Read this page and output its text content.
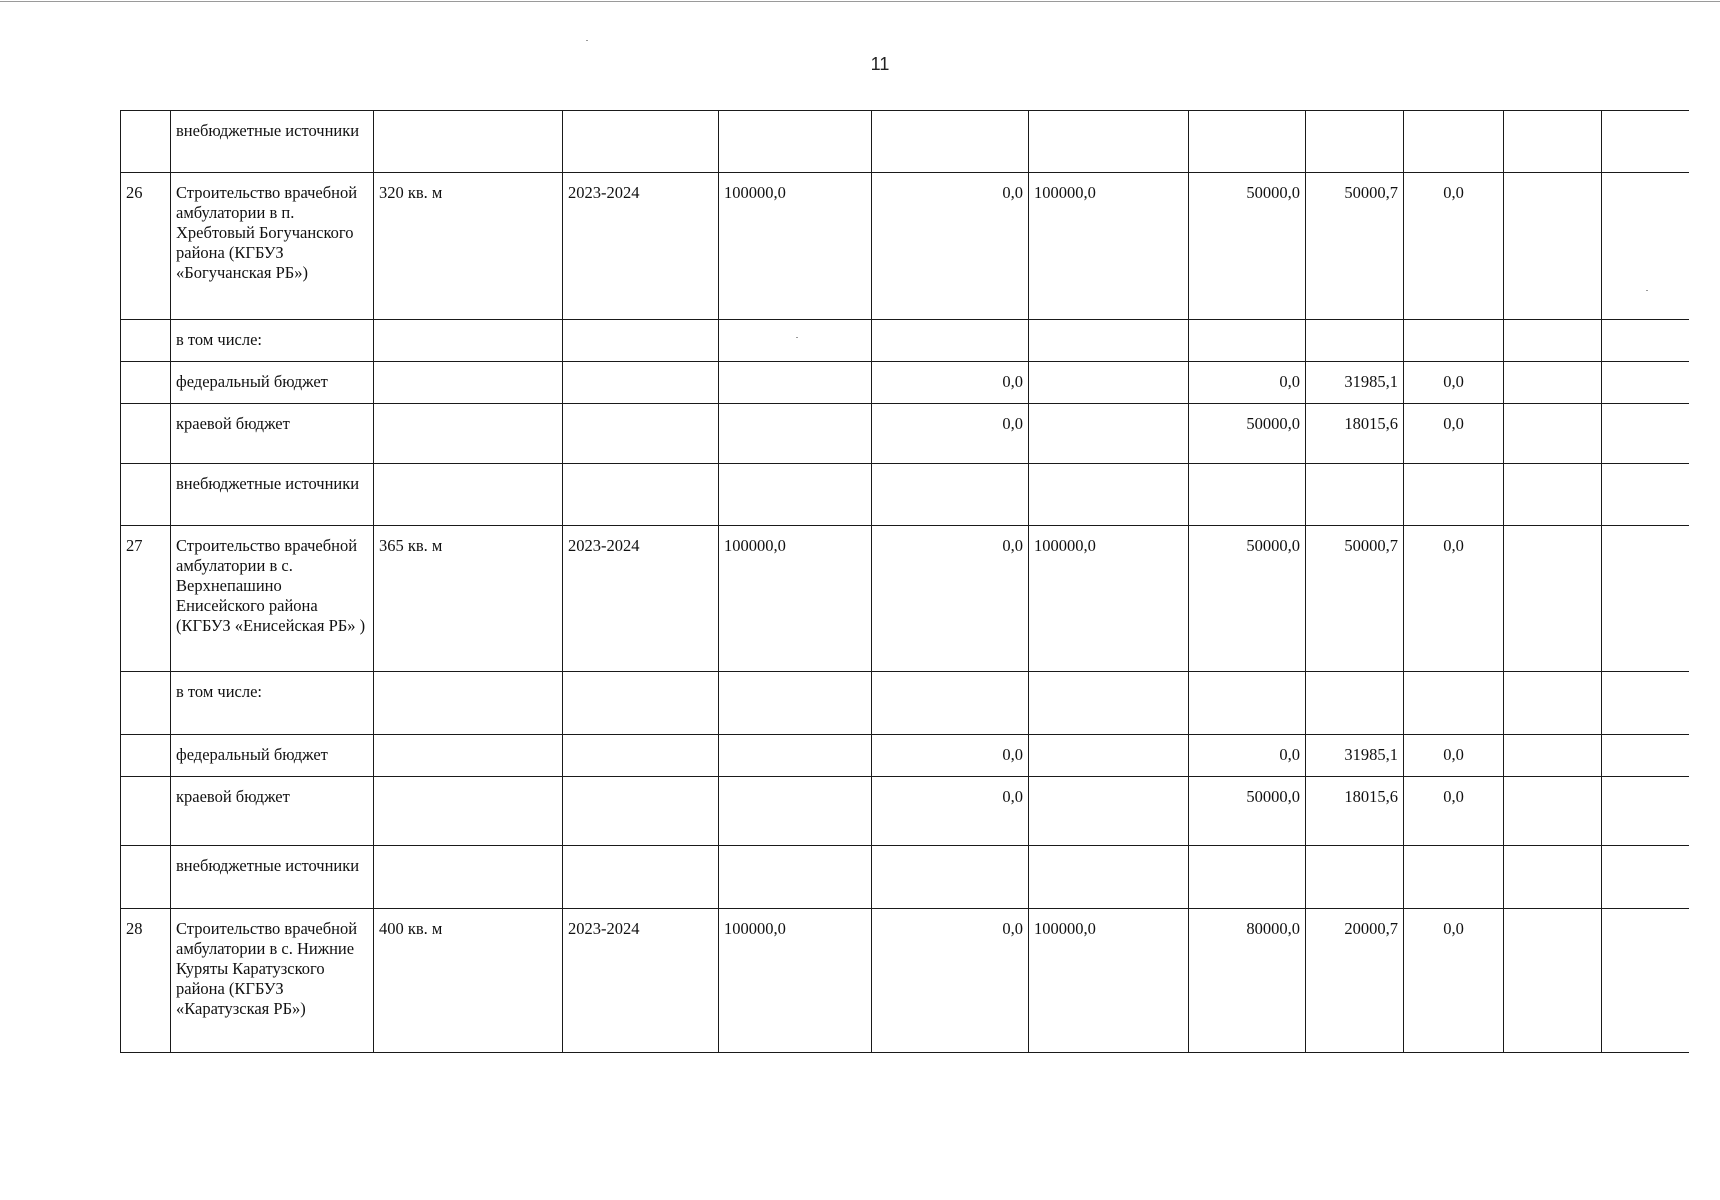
11
	внебюджетные источники										
26	Строительство врачебной амбулатории в п. Хребтовый Богучанского района (КГБУЗ «Богучанская РБ»)	320 кв. м	2023-2024	100000,0	0,0	100000,0	50000,0	50000,7	0,0		
	в том числе:										
	федеральный бюджет				0,0		0,0	31985,1	0,0		
	краевой бюджет				0,0		50000,0	18015,6	0,0		
	внебюджетные источники										
27	Строительство врачебной амбулатории в с. Верхнепашино Енисейского района (КГБУЗ «Енисейская РБ» )	365 кв. м	2023-2024	100000,0	0,0	100000,0	50000,0	50000,7	0,0		
	в том числе:										
	федеральный бюджет				0,0		0,0	31985,1	0,0		
	краевой бюджет				0,0		50000,0	18015,6	0,0		
	внебюджетные источники										
28	Строительство врачебной амбулатории в с. Нижние Куряты Каратузского района (КГБУЗ «Каратузская РБ»)	400 кв. м	2023-2024	100000,0	0,0	100000,0	80000,0	20000,7	0,0		
